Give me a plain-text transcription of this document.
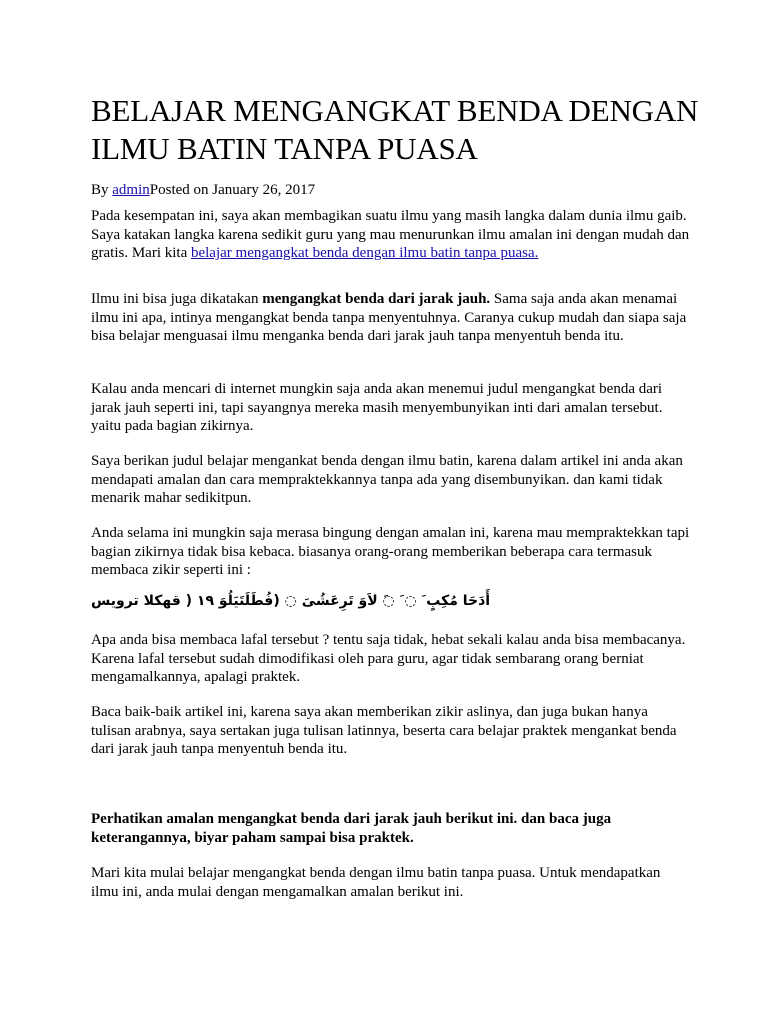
BELAJAR MENGANGKAT BENDA DENGAN ILMU BATIN TANPA PUASA

By adminPosted on January 26, 2017

Pada kesempatan ini, saya akan membagikan suatu ilmu yang masih langka dalam dunia ilmu gaib. Saya katakan langka karena sedikit guru yang mau menurunkan ilmu amalan ini dengan mudah dan gratis. Mari kita belajar mengangkat benda dengan ilmu batin tanpa puasa.

Ilmu ini bisa juga dikatakan mengangkat benda dari jarak jauh. Sama saja anda akan menamai ilmu ini apa, intinya mengangkat benda tanpa menyentuhnya. Caranya cukup mudah dan siapa saja bisa belajar menguasai ilmu menganka benda dari jarak jauh tanpa menyentuh benda itu.

Kalau anda mencari di internet mungkin saja anda akan menemui judul mengangkat benda dari jarak jauh seperti ini, tapi sayangnya mereka masih menyembunyikan inti dari amalan tersebut. yaitu pada bagian zikirnya.

Saya berikan judul belajar mengankat benda dengan ilmu batin, karena dalam artikel ini anda akan mendapati amalan dan cara mempraktekkannya tanpa ada yang disembunyikan. dan kami tidak menarik mahar sedikitpun.

Anda selama ini mungkin saja merasa bingung dengan amalan ini, karena mau mempraktekkan tapi bagian zikirnya tidak bisa kebaca. biasanya orang-orang memberikan beberapa cara termasuk membaca zikir seperti ini :

أَدَحَا مُكِبٍ َ ◌ َ ◌َ لاَوَ تَرِعَشُىَ ◌ (فُطَلَتَيَلُوَ ١٩ ( قهكلا ترويس

Apa anda bisa membaca lafal tersebut ? tentu saja tidak, hebat sekali kalau anda bisa membacanya. Karena lafal tersebut sudah dimodifikasi oleh para guru, agar tidak sembarang orang berniat mengamalkannya, apalagi praktek.

Baca baik-baik artikel ini, karena saya akan memberikan zikir aslinya, dan juga bukan hanya tulisan arabnya, saya sertakan juga tulisan latinnya, beserta cara belajar praktek mengankat benda dari jarak jauh tanpa menyentuh benda itu.

Perhatikan amalan mengangkat benda dari jarak jauh berikut ini. dan baca juga keterangannya, biyar paham sampai bisa praktek.

Mari kita mulai belajar mengangkat benda dengan ilmu batin tanpa puasa. Untuk mendapatkan ilmu ini, anda mulai dengan mengamalkan amalan berikut ini.
